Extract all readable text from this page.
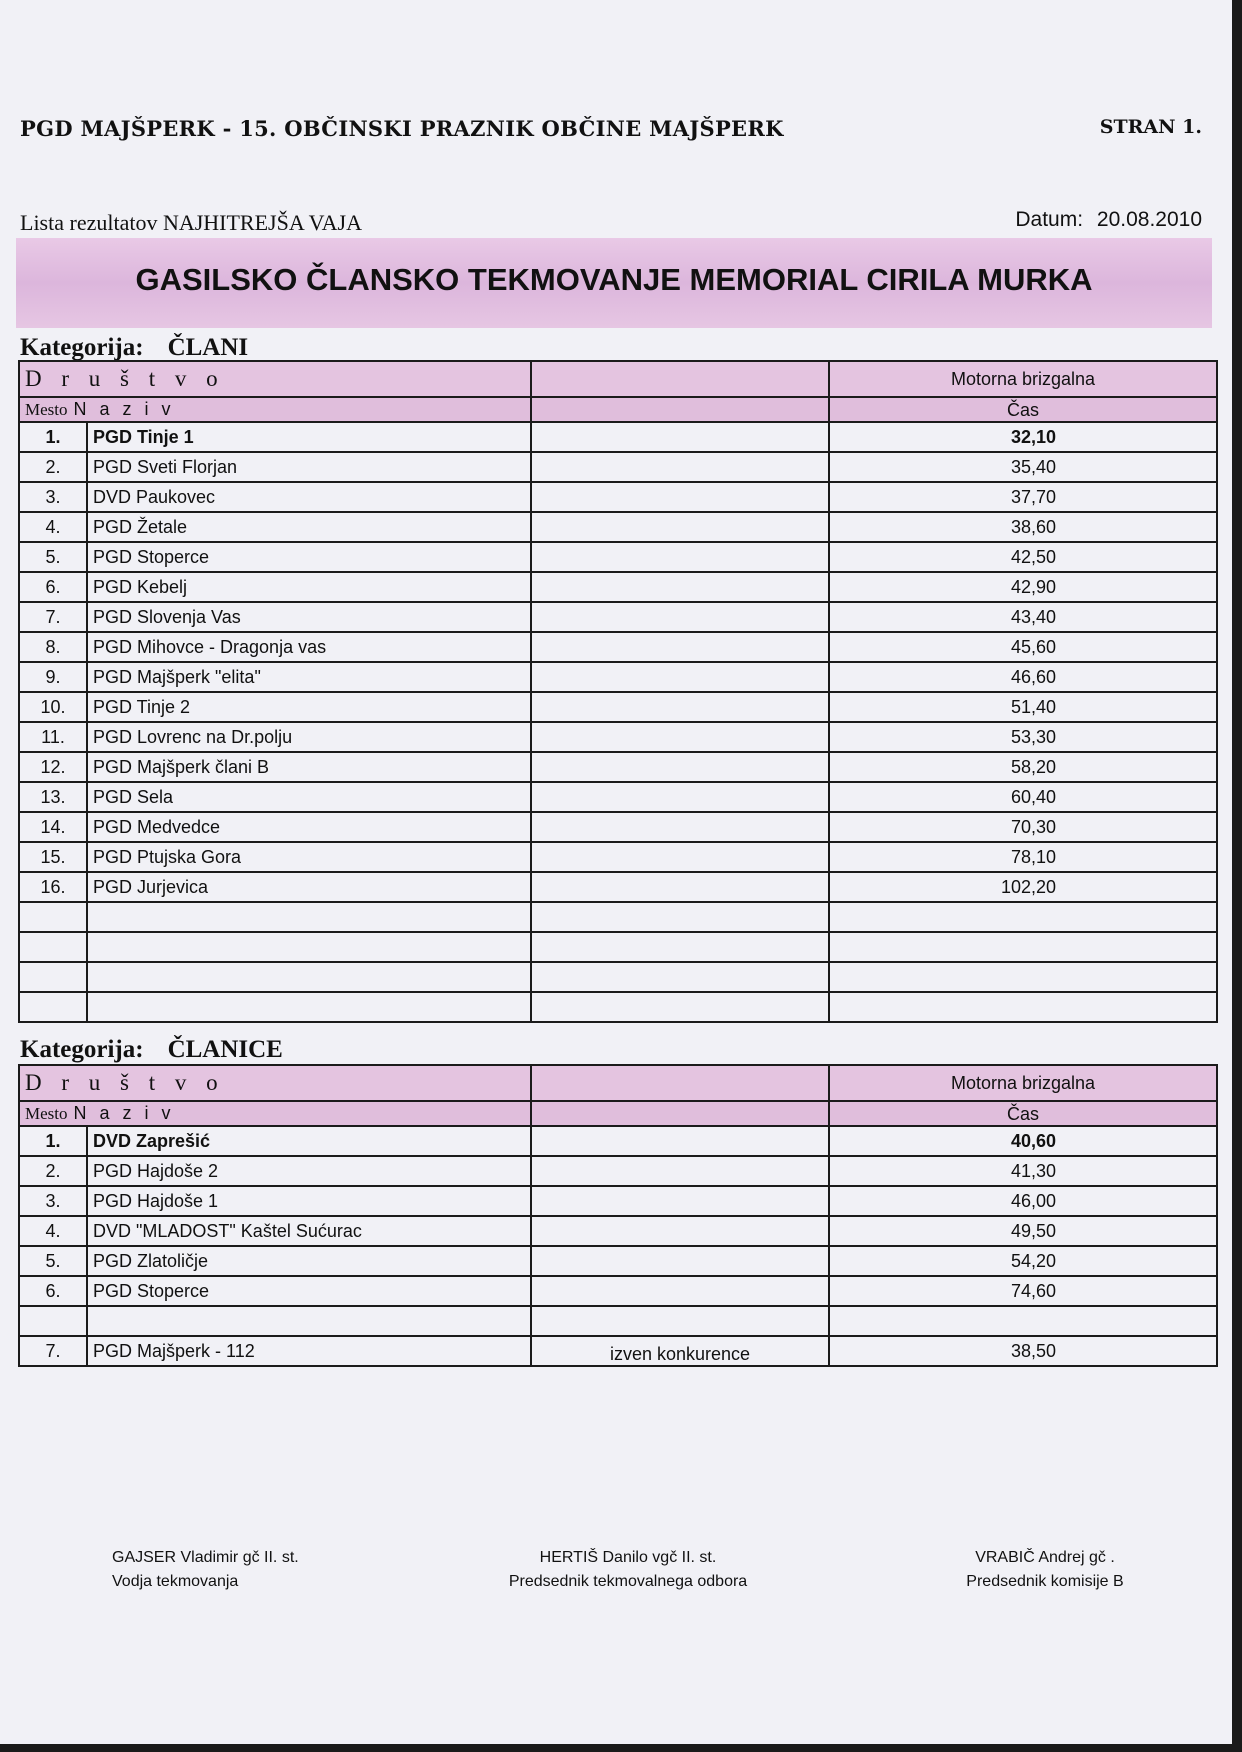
PGD MAJŠPERK - 15. OBČINSKI PRAZNIK OBČINE MAJŠPERK	STRAN 1.
Lista rezultatov NAJHITREJŠA VAJA	Datum: 20.08.2010
GASILSKO ČLANSKO TEKMOVANJE MEMORIAL CIRILA MURKA
Kategorija: ČLANI
D r u š t v o			Motorna brizgalna
Mesto N a z i v			Čas
1.	PGD Tinje 1		32,10
2.	PGD Sveti Florjan		35,40
3.	DVD Paukovec		37,70
4.	PGD Žetale		38,60
5.	PGD Stoperce		42,50
6.	PGD Kebelj		42,90
7.	PGD Slovenja Vas		43,40
8.	PGD Mihovce - Dragonja vas		45,60
9.	PGD Majšperk "elita"		46,60
10.	PGD Tinje 2		51,40
11.	PGD Lovrenc na Dr.polju		53,30
12.	PGD Majšperk člani B		58,20
13.	PGD Sela		60,40
14.	PGD Medvedce		70,30
15.	PGD Ptujska Gora		78,10
16.	PGD Jurjevica		102,20

Kategorija: ČLANICE
D r u š t v o			Motorna brizgalna
Mesto N a z i v			Čas
1.	DVD Zaprešić		40,60
2.	PGD Hajdoše 2		41,30
3.	PGD Hajdoše 1		46,00
4.	DVD "MLADOST" Kaštel Sućurac		49,50
5.	PGD Zlatoličje		54,20
6.	PGD Stoperce		74,60

7.	PGD Majšperk - 112	izven konkurence	38,50
GAJSER Vladimir gč II. st.
Vodja tekmovanja
HERTIŠ Danilo vgč II. st.
Predsednik tekmovalnega odbora
VRABIČ Andrej gč .
Predsednik komisije B
